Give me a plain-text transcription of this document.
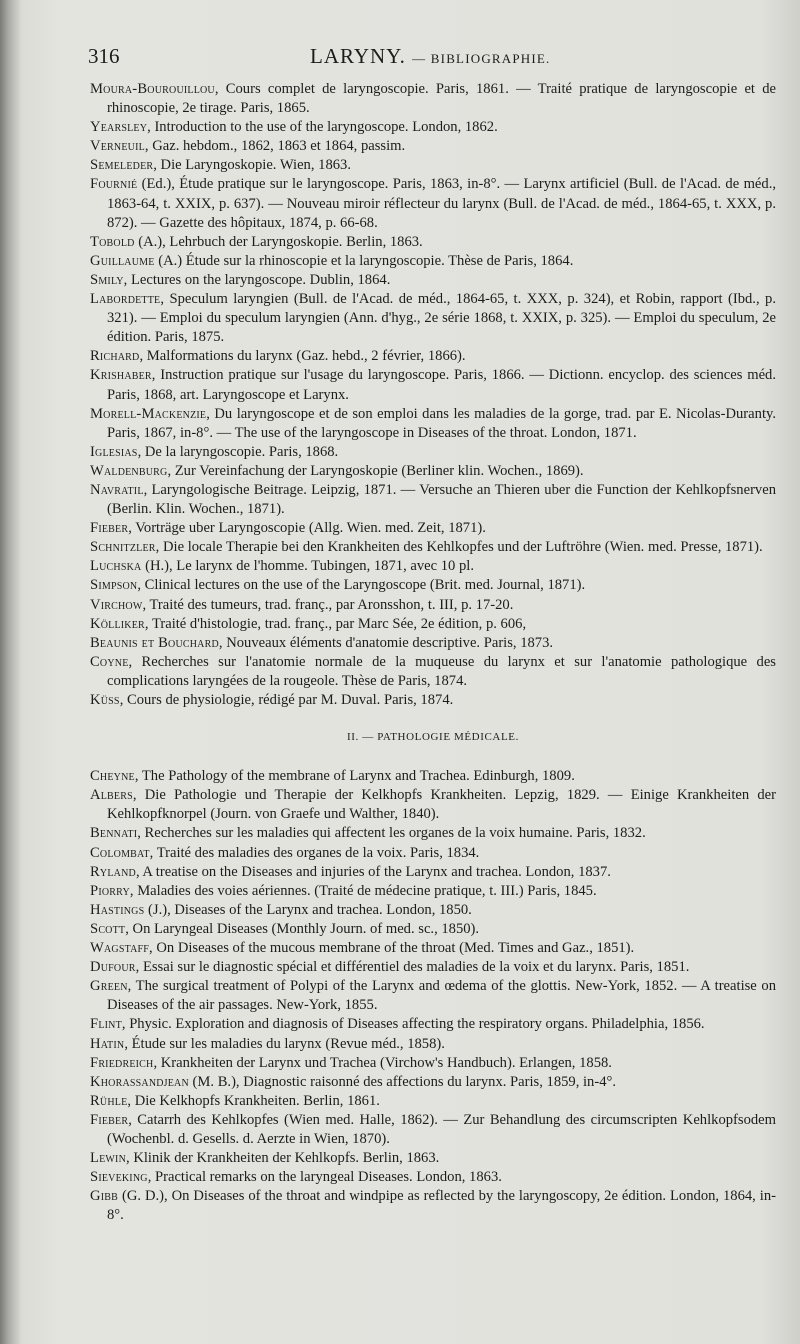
316	LARYNY. — BIBLIOGRAPHIE.

Moura-Bourouillou, Cours complet de laryngoscopie. Paris, 1861. — Traité pratique de laryngoscopie et de rhinoscopie, 2e tirage. Paris, 1865.

Yearsley, Introduction to the use of the laryngoscope. London, 1862.

Verneuil, Gaz. hebdom., 1862, 1863 et 1864, passim.

Semeleder, Die Laryngoskopie. Wien, 1863.

Fournié (Ed.), Étude pratique sur le laryngoscope. Paris, 1863, in-8°. — Larynx artificiel (Bull. de l'Acad. de méd., 1863-64, t. XXIX, p. 637). — Nouveau miroir réflecteur du larynx (Bull. de l'Acad. de méd., 1864-65, t. XXX, p. 872). — Gazette des hôpitaux, 1874, p. 66-68.

Tobold (A.), Lehrbuch der Laryngoskopie. Berlin, 1863.

Guillaume (A.) Étude sur la rhinoscopie et la laryngoscopie. Thèse de Paris, 1864.

Smily, Lectures on the laryngoscope. Dublin, 1864.

Labordette, Speculum laryngien (Bull. de l'Acad. de méd., 1864-65, t. XXX, p. 324), et Robin, rapport (Ibd., p. 321). — Emploi du speculum laryngien (Ann. d'hyg., 2e série 1868, t. XXIX, p. 325). — Emploi du speculum, 2e édition. Paris, 1875.

Richard, Malformations du larynx (Gaz. hebd., 2 février, 1866).

Krishaber, Instruction pratique sur l'usage du laryngoscope. Paris, 1866. — Dictionn. encyclop. des sciences méd. Paris, 1868, art. Laryngoscope et Larynx.

Morell-Mackenzie, Du laryngoscope et de son emploi dans les maladies de la gorge, trad. par E. Nicolas-Duranty. Paris, 1867, in-8°. — The use of the laryngoscope in Diseases of the throat. London, 1871.

Iglesias, De la laryngoscopie. Paris, 1868.

Waldenburg, Zur Vereinfachung der Laryngoskopie (Berliner klin. Wochen., 1869).

Navratil, Laryngologische Beitrage. Leipzig, 1871. — Versuche an Thieren uber die Function der Kehlkopfsnerven (Berlin. Klin. Wochen., 1871).

Fieber, Vorträge uber Laryngoscopie (Allg. Wien. med. Zeit, 1871).

Schnitzler, Die locale Therapie bei den Krankheiten des Kehlkopfes und der Luftröhre (Wien. med. Presse, 1871).

Luchska (H.), Le larynx de l'homme. Tubingen, 1871, avec 10 pl.

Simpson, Clinical lectures on the use of the Laryngoscope (Brit. med. Journal, 1871).

Virchow, Traité des tumeurs, trad. franç., par Aronsshon, t. III, p. 17-20.

Kölliker, Traité d'histologie, trad. franç., par Marc Sée, 2e édition, p. 606,

Beaunis et Bouchard, Nouveaux éléments d'anatomie descriptive. Paris, 1873.

Coyne, Recherches sur l'anatomie normale de la muqueuse du larynx et sur l'anatomie pathologique des complications laryngées de la rougeole. Thèse de Paris, 1874.

Küss, Cours de physiologie, rédigé par M. Duval. Paris, 1874.

II. — PATHOLOGIE MÉDICALE.

Cheyne, The Pathology of the membrane of Larynx and Trachea. Edinburgh, 1809.

Albers, Die Pathologie und Therapie der Kelkhopfs Krankheiten. Lepzig, 1829. — Einige Krankheiten der Kehlkopfknorpel (Journ. von Graefe und Walther, 1840).

Bennati, Recherches sur les maladies qui affectent les organes de la voix humaine. Paris, 1832.

Colombat, Traité des maladies des organes de la voix. Paris, 1834.

Ryland, A treatise on the Diseases and injuries of the Larynx and trachea. London, 1837.

Piorry, Maladies des voies aériennes. (Traité de médecine pratique, t. III.) Paris, 1845.

Hastings (J.), Diseases of the Larynx and trachea. London, 1850.

Scott, On Laryngeal Diseases (Monthly Journ. of med. sc., 1850).

Wagstaff, On Diseases of the mucous membrane of the throat (Med. Times and Gaz., 1851).

Dufour, Essai sur le diagnostic spécial et différentiel des maladies de la voix et du larynx. Paris, 1851.

Green, The surgical treatment of Polypi of the Larynx and œdema of the glottis. New-York, 1852. — A treatise on Diseases of the air passages. New-York, 1855.

Flint, Physic. Exploration and diagnosis of Diseases affecting the respiratory organs. Philadelphia, 1856.

Hatin, Étude sur les maladies du larynx (Revue méd., 1858).

Friedreich, Krankheiten der Larynx und Trachea (Virchow's Handbuch). Erlangen, 1858.

Khorassandjean (M. B.), Diagnostic raisonné des affections du larynx. Paris, 1859, in-4°.

Rühle, Die Kelkhopfs Krankheiten. Berlin, 1861.

Fieber, Catarrh des Kehlkopfes (Wien med. Halle, 1862). — Zur Behandlung des circumscripten Kehlkopfsodem (Wochenbl. d. Gesells. d. Aerzte in Wien, 1870).

Lewin, Klinik der Krankheiten der Kehlkopfs. Berlin, 1863.

Sieveking, Practical remarks on the laryngeal Diseases. London, 1863.

Gibb (G. D.), On Diseases of the throat and windpipe as reflected by the laryngoscopy, 2e édition. London, 1864, in-8°.
